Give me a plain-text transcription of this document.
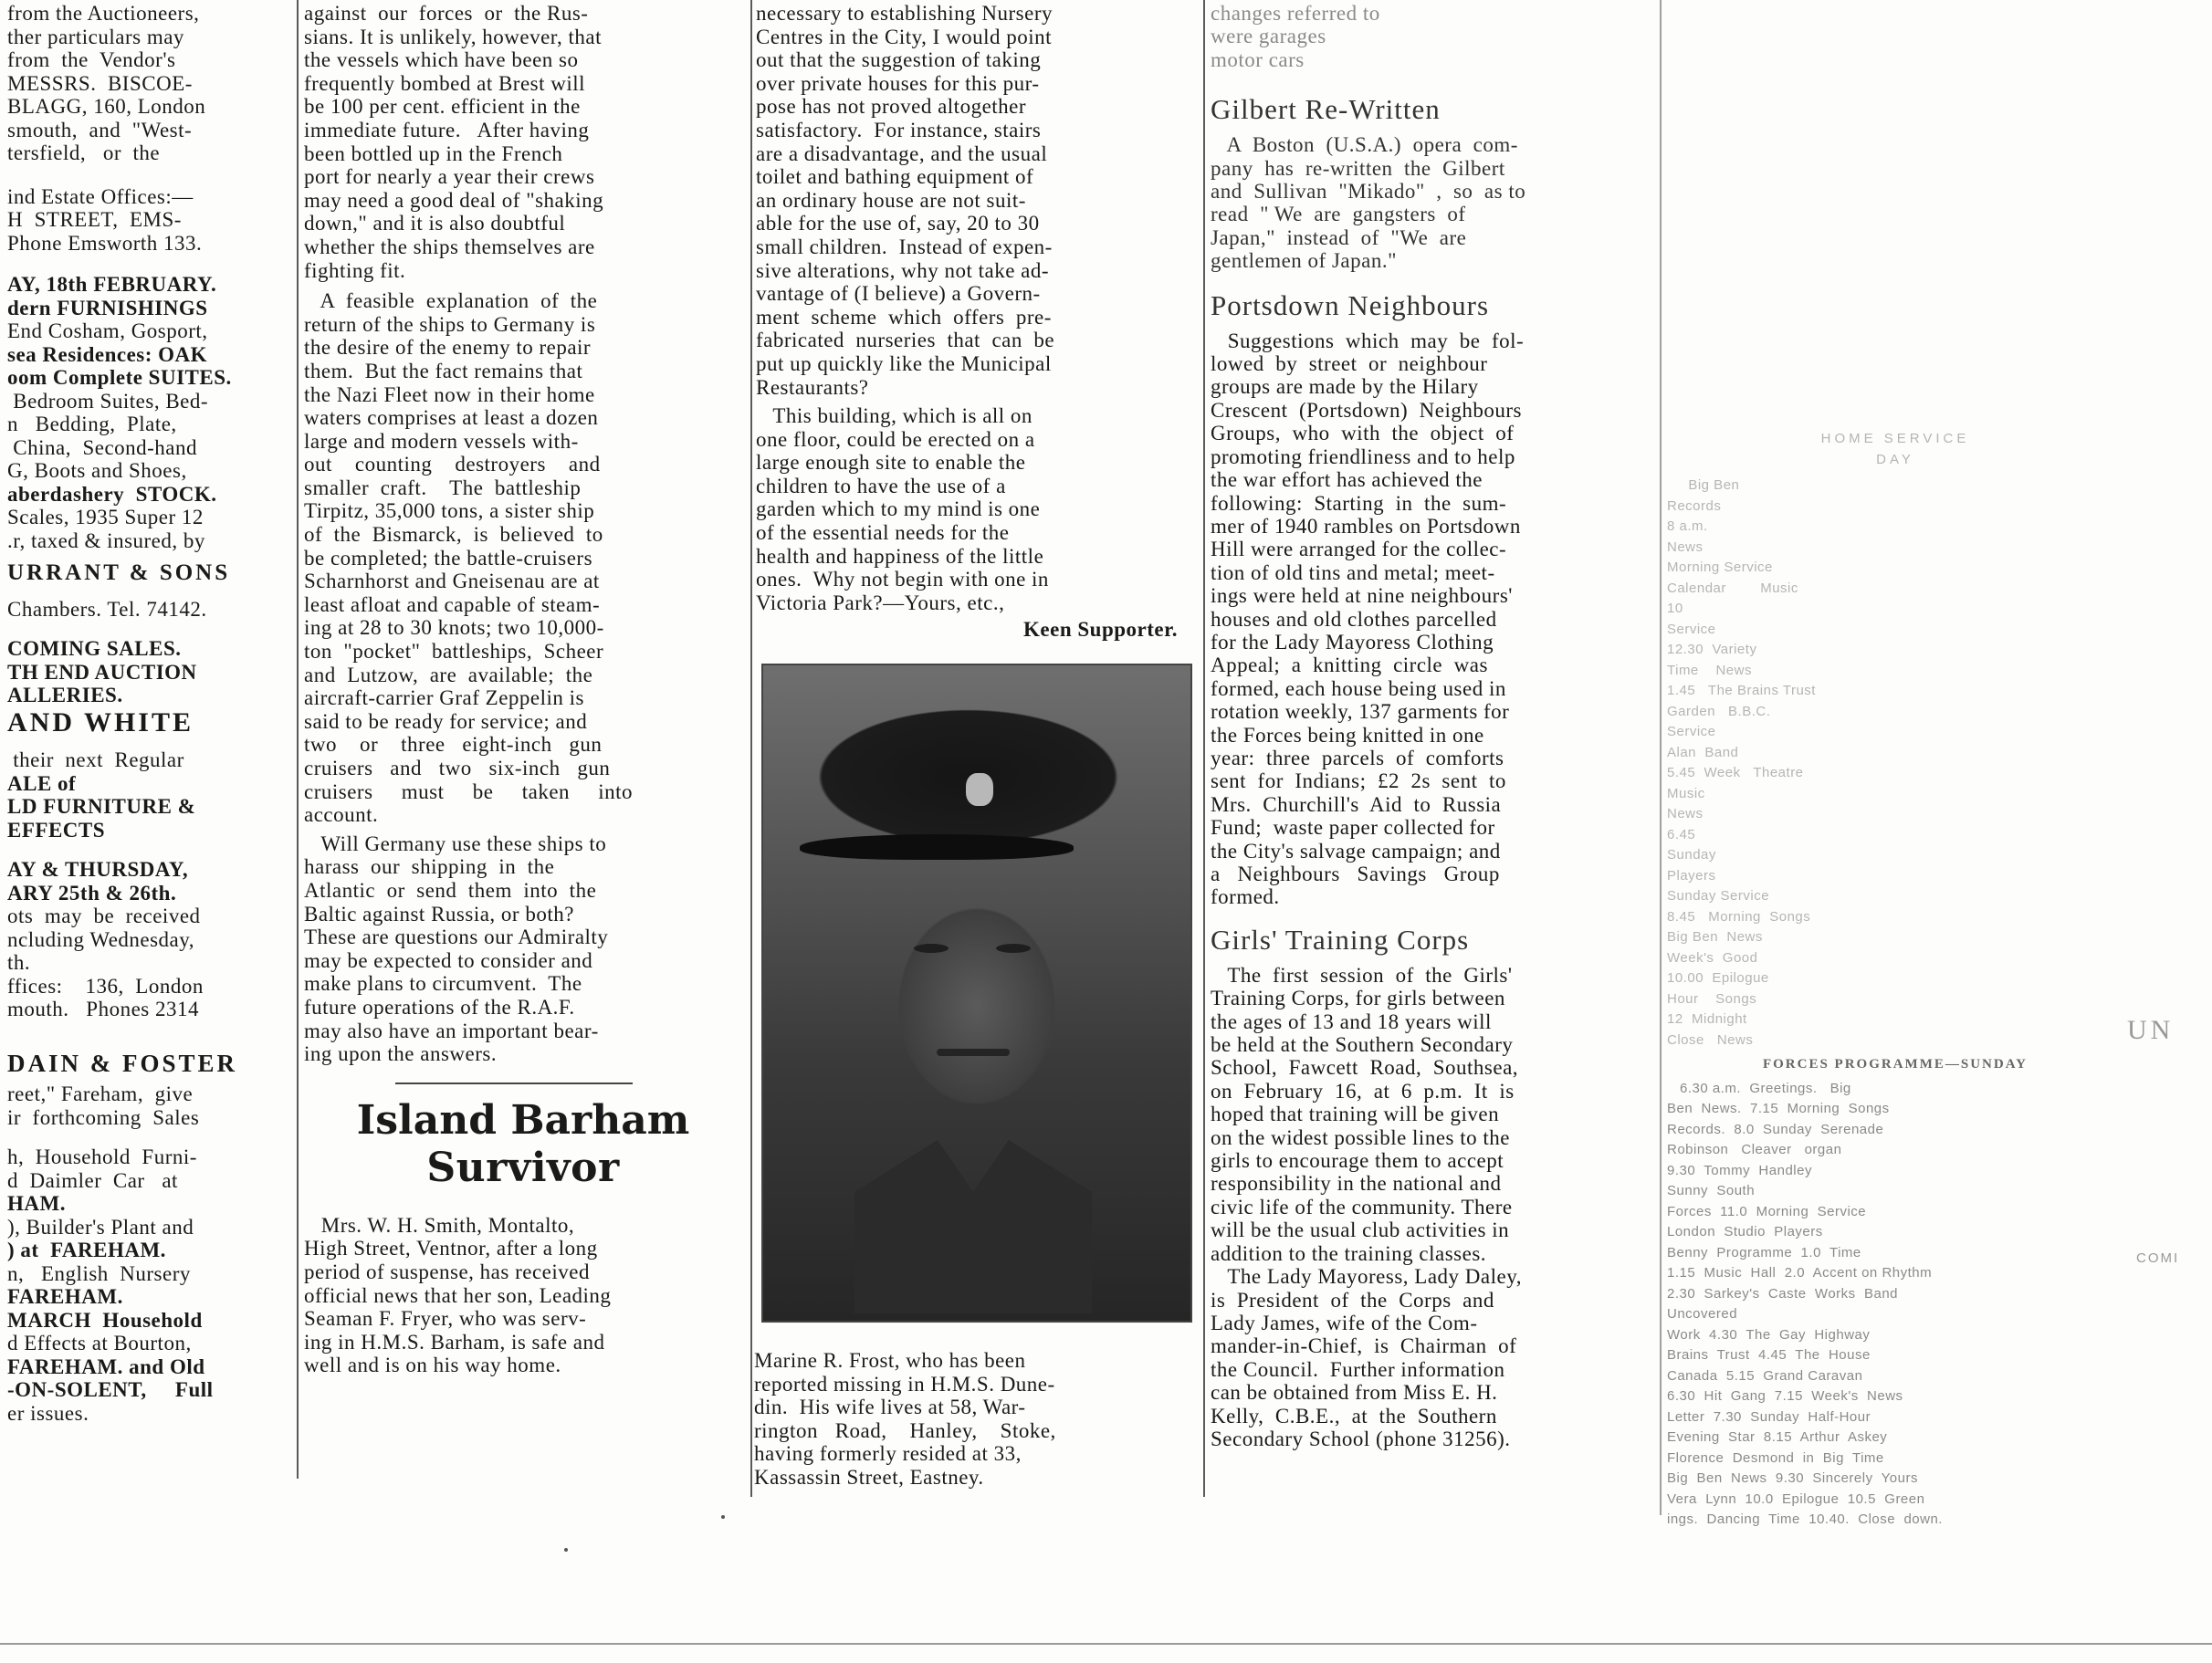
from the Auctioneers,
ther particulars may
from  the  Vendor's
MESSRS.  BISCOE-
BLAGG, 160, London
smouth,  and  "West-
tersfield,   or  the
ind Estate Offices:—
H  STREET,  EMS-
Phone Emsworth 133.
AY, 18th FEBRUARY.
dern FURNISHINGS
End Cosham, Gosport,
sea Residences: OAK
oom Complete SUITES.
Bedroom Suites, Bed-
n   Bedding,  Plate,
China,  Second-hand
G, Boots and Shoes,
aberdashery  STOCK.
Scales, 1935 Super 12
.r, taxed & insured, by
URRANT & SONS
Chambers. Tel. 74142.
COMING SALES.
TH END AUCTION
ALLERIES.
AND WHITE
their  next  Regular
ALE of
LD FURNITURE &
EFFECTS
AY & THURSDAY,
ARY 25th & 26th.
ots  may  be  received
ncluding Wednesday,
th.
ffices:    136,  London
mouth.   Phones 2314
DAIN & FOSTER
reet," Fareham,  give
ir  forthcoming  Sales
h,  Household  Furni-
d  Daimler  Car   at
HAM.
), Builder's Plant and
) at  FAREHAM.
n,   English  Nursery
FAREHAM.
MARCH  Household
d Effects at Bourton,
FAREHAM. and Old
-ON-SOLENT,     Full
er issues.
against  our  forces  or  the Rus-
sians. It is unlikely, however, that
the vessels which have been so
frequently bombed at Brest will
be 100 per cent. efficient in the
immediate future.   After having
been bottled up in the French
port for nearly a year their crews
may need a good deal of "shaking
down," and it is also doubtful
whether the ships themselves are
fighting fit.
A  feasible  explanation  of  the
return of the ships to Germany is
the desire of the enemy to repair
them.  But the fact remains that
the Nazi Fleet now in their home
waters comprises at least a dozen
large and modern vessels with-
out    counting    destroyers    and
smaller  craft.    The  battleship
Tirpitz, 35,000 tons, a sister ship
of  the  Bismarck,  is  believed  to
be completed; the battle-cruisers
Scharnhorst and Gneisenau are at
least afloat and capable of steam-
ing at 28 to 30 knots; two 10,000-
ton  "pocket"  battleships,  Scheer
and  Lutzow,  are  available;  the
aircraft-carrier Graf Zeppelin is
said to be ready for service; and
two    or    three   eight-inch   gun
cruisers   and   two   six-inch   gun
cruisers     must     be     taken     into
account.
Will Germany use these ships to
harass  our  shipping  in  the
Atlantic  or  send  them  into  the
Baltic against Russia, or both?
These are questions our Admiralty
may be expected to consider and
make plans to circumvent.  The
future operations of the R.A.F.
may also have an important bear-
ing upon the answers.
Island Barham
Survivor
Mrs. W. H. Smith, Montalto,
High Street, Ventnor, after a long
period of suspense, has received
official news that her son, Leading
Seaman F. Fryer, who was serv-
ing in H.M.S. Barham, is safe and
well and is on his way home.
necessary to establishing Nursery
Centres in the City, I would point
out that the suggestion of taking
over private houses for this pur-
pose has not proved altogether
satisfactory.  For instance, stairs
are a disadvantage, and the usual
toilet and bathing equipment of
an ordinary house are not suit-
able for the use of, say, 20 to 30
small children.  Instead of expen-
sive alterations, why not take ad-
vantage of (I believe) a Govern-
ment  scheme  which  offers  pre-
fabricated  nurseries  that  can  be
put up quickly like the Municipal
Restaurants?
This building, which is all on
one floor, could be erected on a
large enough site to enable the
children to have the use of a
garden which to my mind is one
of the essential needs for the
health and happiness of the little
ones.  Why not begin with one in
Victoria Park?—Yours, etc.,
Keen Supporter.
Marine R. Frost, who has been
reported missing in H.M.S. Dune-
din.  His wife lives at 58, War-
rington   Road,    Hanley,    Stoke,
having formerly resided at 33,
Kassassin Street, Eastney.
changes referred to
were garages
motor cars
Gilbert Re-Written
A  Boston  (U.S.A.)  opera  com-
pany  has  re-written  the  Gilbert
and  Sullivan  "Mikado"  ,  so  as to
read  " We  are  gangsters  of
Japan,"  instead  of  "We  are
gentlemen of Japan."
Portsdown Neighbours
Suggestions  which  may  be  fol-
lowed  by  street  or  neighbour
groups are made by the Hilary
Crescent  (Portsdown)  Neighbours
Groups,  who  with  the  object  of
promoting friendliness and to help
the war effort has achieved the
following:  Starting  in  the  sum-
mer of 1940 rambles on Portsdown
Hill were arranged for the collec-
tion of old tins and metal; meet-
ings were held at nine neighbours'
houses and old clothes parcelled
for the Lady Mayoress Clothing
Appeal;  a  knitting  circle  was
formed, each house being used in
rotation weekly, 137 garments for
the Forces being knitted in one
year:  three  parcels  of  comforts
sent  for  Indians;  £2  2s  sent  to
Mrs.  Churchill's  Aid  to  Russia
Fund;  waste paper collected for
the City's salvage campaign; and
a   Neighbours   Savings   Group
formed.
Girls' Training Corps
The  first  session  of  the  Girls'
Training Corps, for girls between
the ages of 13 and 18 years will
be held at the Southern Secondary
School,  Fawcett  Road,  Southsea,
on  February  16,  at  6  p.m.  It  is
hoped that training will be given
on the widest possible lines to the
girls to encourage them to accept
responsibility in the national and
civic life of the community. There
will be the usual club activities in
addition to the training classes.
The Lady Mayoress, Lady Daley,
is  President  of  the  Corps  and
Lady James, wife of the Com-
mander-in-Chief,  is  Chairman  of
the Council.  Further information
can be obtained from Miss E. H.
Kelly,  C.B.E.,  at  the  Southern
Secondary School (phone 31256).
HOME SERVICE
DAY
Big Ben
Records
8 a.m.
News
Morning Service
Calendar        Music
10
Service
12.30  Variety
Time    News
1.45   The Brains Trust
Garden   B.B.C.
Service
Alan  Band
5.45  Week   Theatre
Music
News
6.45
Sunday
Players
Sunday Service
8.45   Morning  Songs
Big Ben  News
Week's  Good
10.00  Epilogue
Hour    Songs
12  Midnight
Close   News
FORCES PROGRAMME—SUNDAY
6.30 a.m.  Greetings.   Big
Ben  News.  7.15  Morning  Songs
Records.  8.0  Sunday  Serenade
Robinson   Cleaver   organ
9.30  Tommy  Handley
Sunny  South
Forces  11.0  Morning  Service
London  Studio  Players
Benny  Programme  1.0  Time
1.15  Music  Hall  2.0  Accent on Rhythm
2.30  Sarkey's  Caste  Works  Band
Uncovered
Work  4.30  The  Gay  Highway
Brains  Trust  4.45  The  House
Canada  5.15  Grand Caravan
6.30  Hit  Gang  7.15  Week's  News
Letter  7.30  Sunday  Half-Hour
Evening  Star  8.15  Arthur  Askey
Florence  Desmond  in  Big  Time
Big  Ben  News  9.30  Sincerely  Yours
Vera  Lynn  10.0  Epilogue  10.5  Green
ings.  Dancing  Time  10.40.  Close  down.
UN
COMI
